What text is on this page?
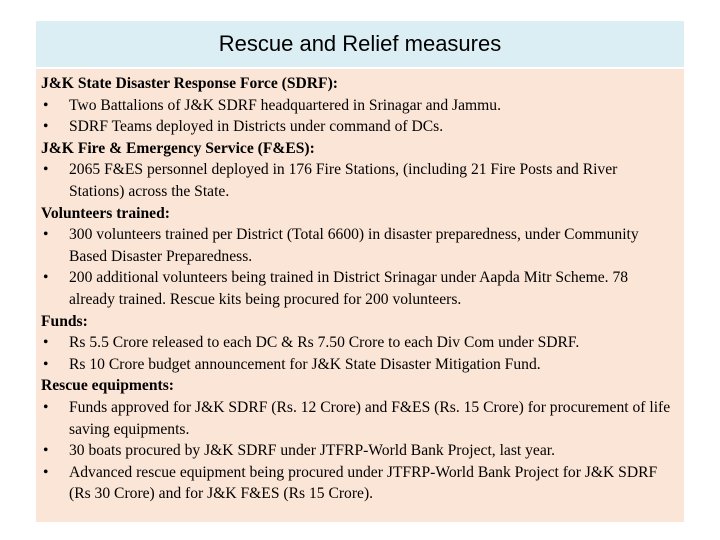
Rescue and Relief measures
J&K State Disaster Response Force (SDRF):
•	Two Battalions of J&K SDRF headquartered in Srinagar and Jammu.
•	SDRF Teams deployed in Districts under command of DCs.
J&K Fire & Emergency Service (F&ES):
•	2065 F&ES personnel deployed in 176 Fire Stations, (including 21 Fire Posts and River Stations) across the State.
Volunteers trained:
•	300 volunteers trained per District (Total 6600) in disaster preparedness, under Community Based Disaster Preparedness.
•	200 additional volunteers being trained in District Srinagar under Aapda Mitr Scheme. 78 already trained. Rescue kits being procured for 200 volunteers.
Funds:
•	Rs 5.5 Crore released to each DC & Rs 7.50 Crore to each Div Com under SDRF.
•	Rs 10 Crore budget announcement for J&K State Disaster Mitigation Fund.
Rescue equipments:
•	Funds approved for J&K SDRF (Rs. 12 Crore) and F&ES (Rs. 15 Crore) for procurement of life saving equipments.
•	30 boats procured by J&K SDRF under JTFRP-World Bank Project, last year.
•	Advanced rescue equipment being procured under JTFRP-World Bank Project for J&K SDRF (Rs 30 Crore) and for J&K F&ES (Rs 15 Crore).
